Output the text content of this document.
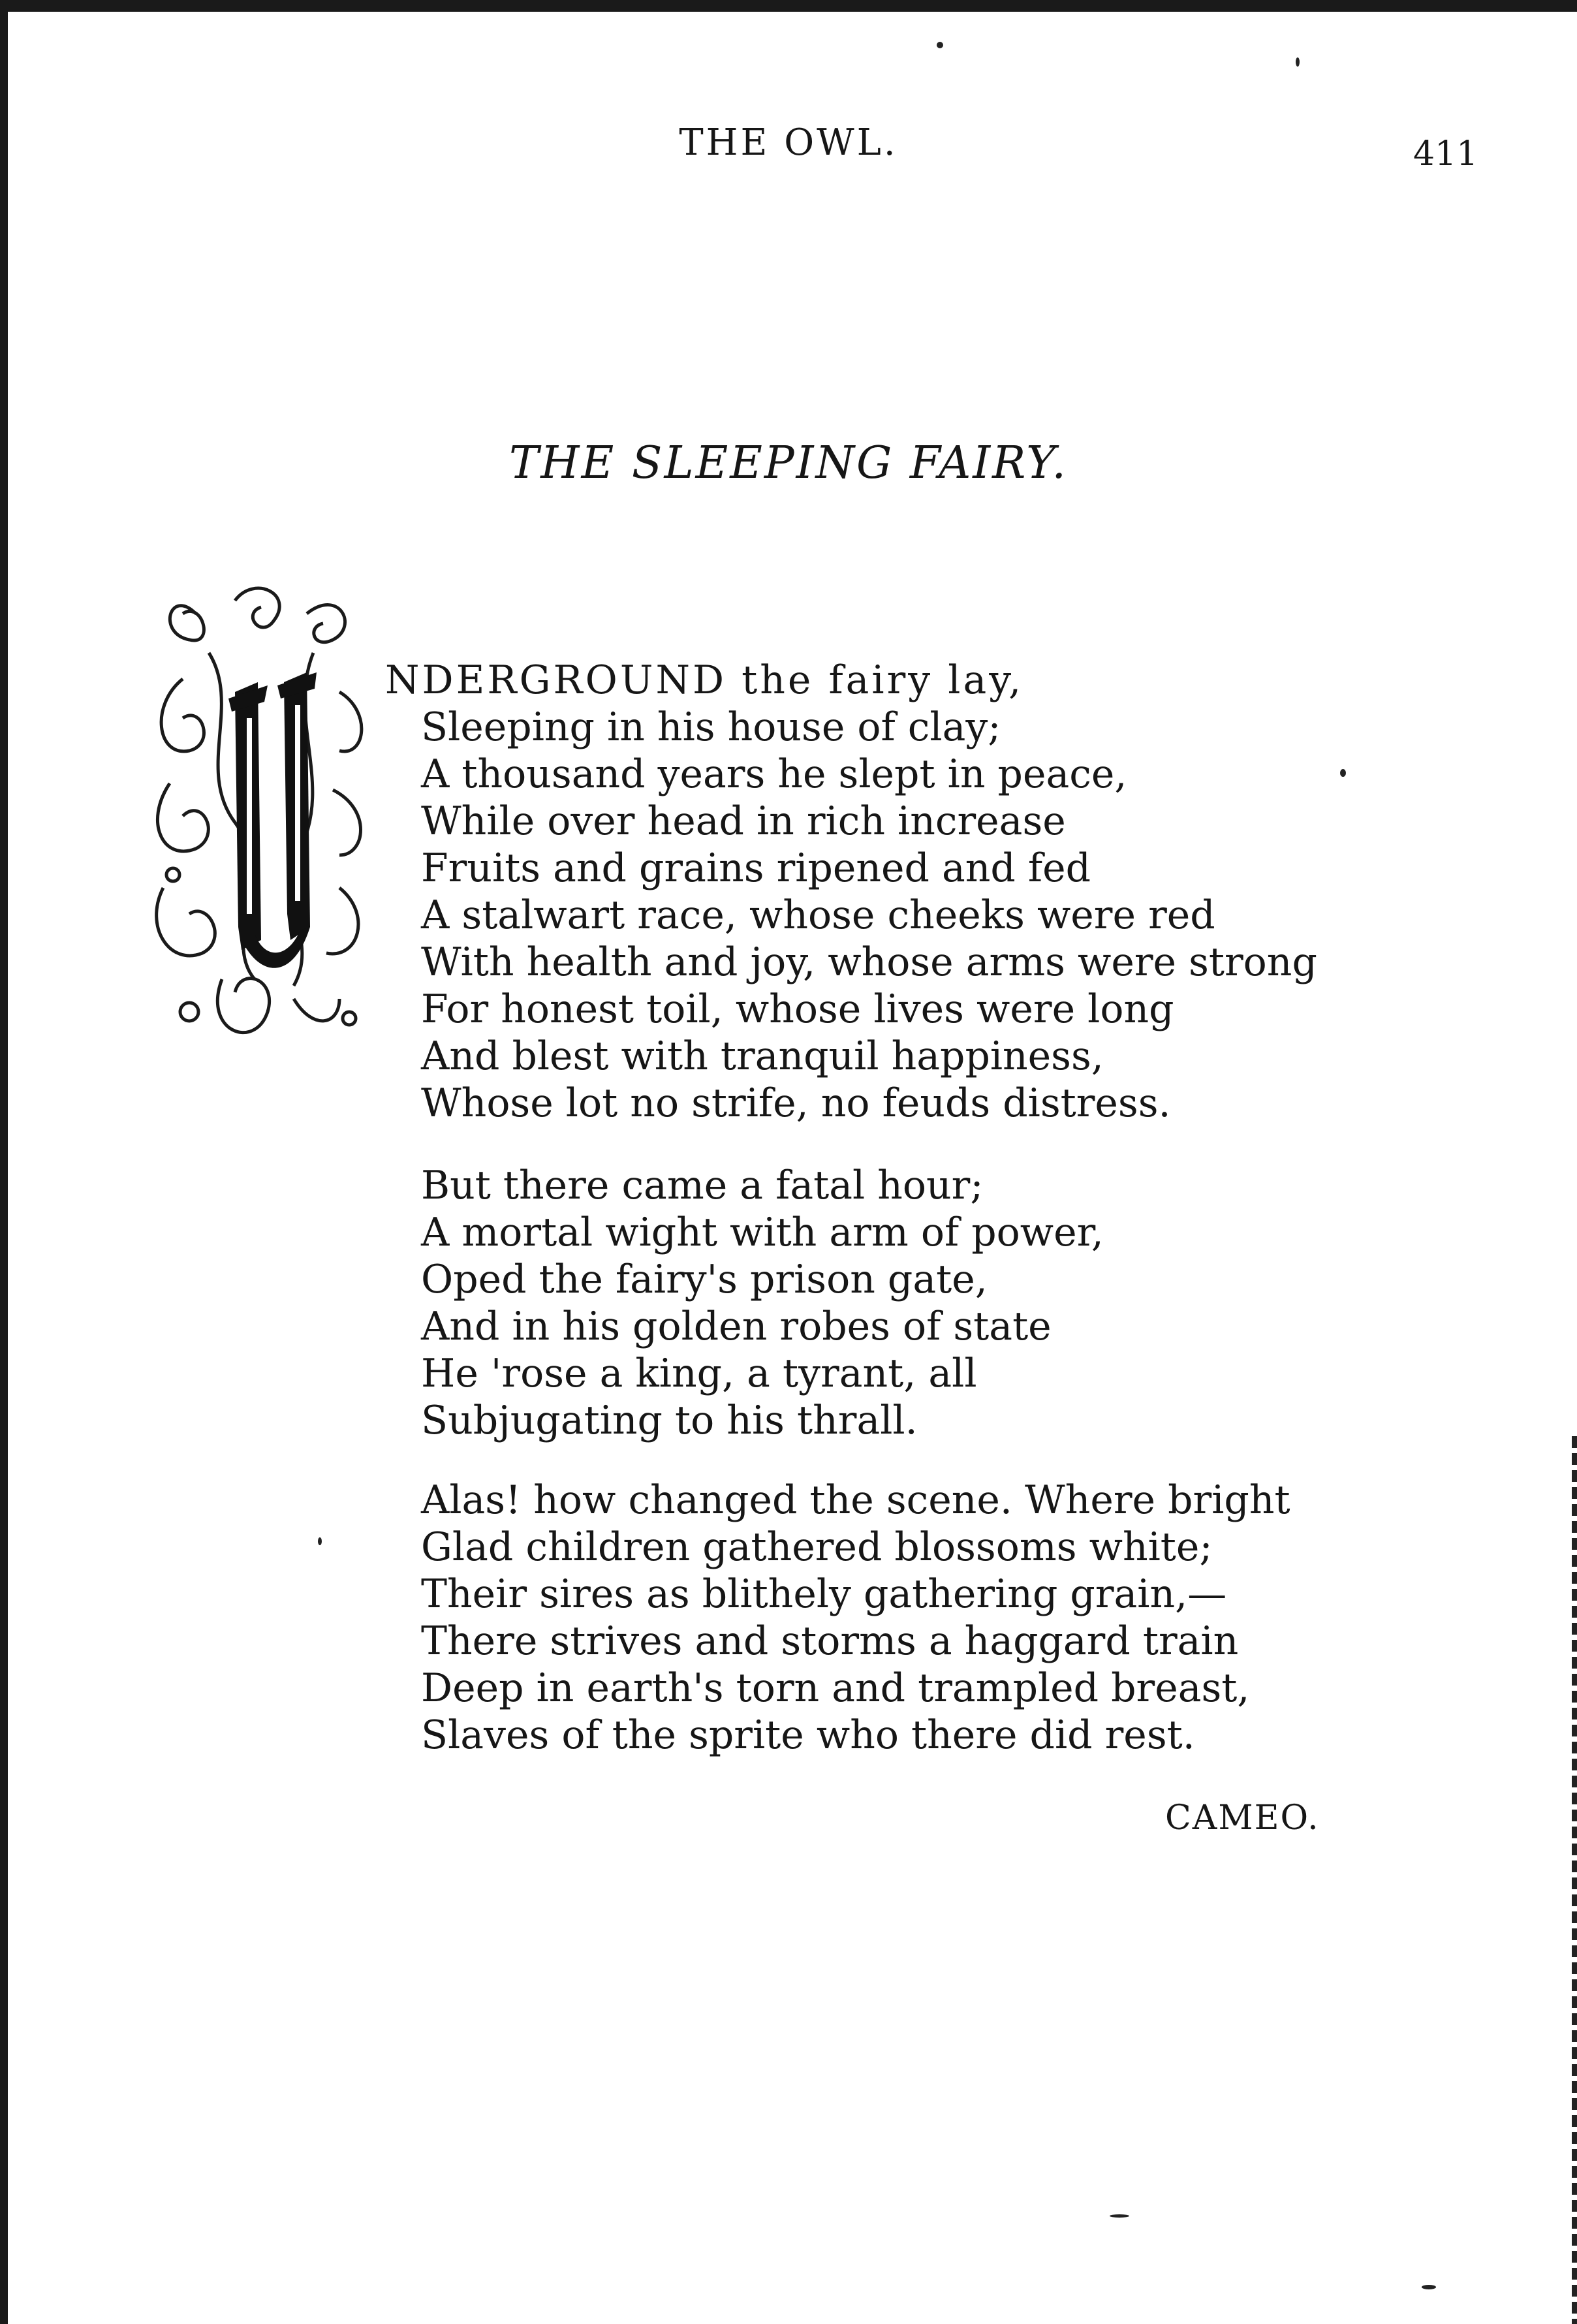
THE OWL.	411
THE SLEEPING FAIRY.
NDERGROUND the fairy lay,
Sleeping in his house of clay;
A thousand years he slept in peace,
While over head in rich increase
Fruits and grains ripened and fed
A stalwart race, whose cheeks were red
With health and joy, whose arms were strong
For honest toil, whose lives were long
And blest with tranquil happiness,
Whose lot no strife, no feuds distress.
But there came a fatal hour;
A mortal wight with arm of power,
Oped the fairy's prison gate,
And in his golden robes of state
He 'rose a king, a tyrant, all
Subjugating to his thrall.
Alas! how changed the scene. Where bright
Glad children gathered blossoms white;
Their sires as blithely gathering grain,—
There strives and storms a haggard train
Deep in earth's torn and trampled breast,
Slaves of the sprite who there did rest.
CAMEO.
